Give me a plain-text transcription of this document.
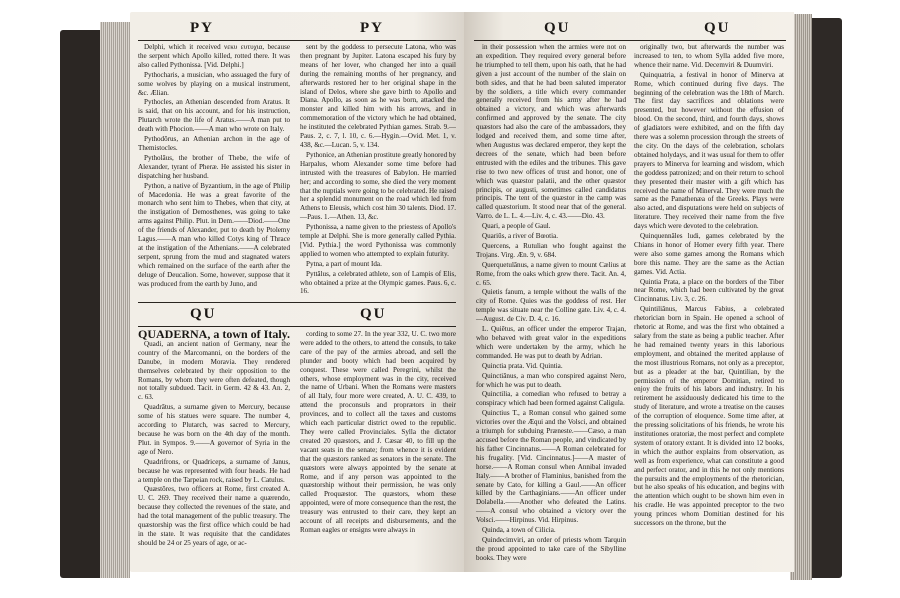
PY	PY

Delphi, which it received νεκυ ευτυχια, because the serpent which Apollo killed, rotted there. It was also called Pythonissa. [Vid. Delphi.]

Pythocharis, a musician, who assuaged the fury of some wolves by playing on a musical instrument, &c. Ælian.

Pythocles, an Athenian descended from Aratus. It is said, that on his account, and for his instruction, Plutarch wrote the life of Aratus.——A man put to death with Phocion.——A man who wrote on Italy.

Pythodōrus, an Athenian archon in the age of Themistocles.

Pytholāus, the brother of Thebe, the wife of Alexander, tyrant of Pheræ. He assisted his sister in dispatching her husband.

Python, a native of Byzantium, in the age of Philip of Macedonia. He was a great favorite of the monarch who sent him to Thebes, when that city, at the instigation of Demosthenes, was going to take arms against Philip. Plut. in Dem.——Diod.——One of the friends of Alexander, put to death by Ptolemy Lagus.——A man who killed Cotys king of Thrace at the instigation of the Athenians.——A celebrated serpent, sprung from the mud and stagnated waters which remained on the surface of the earth after the deluge of Deucalion. Some, however, suppose that it was produced from the earth by Juno, and

sent by the goddess to persecute Latona, who was then pregnant by Jupiter. Latona escaped his fury by means of her lover, who changed her into a quail during the remaining months of her pregnancy, and afterwards restored her to her original shape in the island of Delos, where she gave birth to Apollo and Diana. Apollo, as soon as he was born, attacked the monster and killed him with his arrows, and in commemoration of the victory which he had obtained, he instituted the celebrated Pythian games. Strab. 9.—Paus. 2, c. 7, l. 10, c. 6.—Hygin.—Ovid. Met. 1, v. 438, &c.—Lucan. 5, v. 134.

Pythonice, an Athenian prostitute greatly honored by Harpalus, whom Alexander some time before had intrusted with the treasures of Babylon. He married her; and according to some, she died the very moment that the nuptials were going to be celebrated. He raised her a splendid monument on the road which led from Athens to Eleusis, which cost him 30 talents. Diod. 17.—Paus. 1.—Athen. 13, &c.

Pythonissa, a name given to the priestess of Apollo's temple at Delphi. She is more generally called Pythia. [Vid. Pythia.] the word Pythonissa was commonly applied to women who attempted to explain futurity.

Pytna, a part of mount Ida.

Pyttălus, a celebrated athlete, son of Lampis of Elis, who obtained a prize at the Olympic games. Paus. 6, c. 16.

QU	QU

QUADERNA, a town of Italy.

Quadi, an ancient nation of Germany, near the country of the Marcomanni, on the borders of the Danube, in modern Moravia. They rendered themselves celebrated by their opposition to the Romans, by whom they were often defeated, though not totally subdued. Tacit. in Germ. 42 & 43. An. 2, c. 63.

Quadrātus, a surname given to Mercury, because some of his statues were square. The number 4, according to Plutarch, was sacred to Mercury, because he was born on the 4th day of the month. Plut. in Sympos. 9.——A governor of Syria in the age of Nero.

Quadrifrons, or Quadriceps, a surname of Janus, because he was represented with four heads. He had a temple on the Tarpeian rock, raised by L. Catulus.

Quæstōres, two officers at Rome, first created A. U. C. 269. They received their name a quærendo, because they collected the revenues of the state, and had the total management of the public treasury. The quæstorship was the first office which could be had in the state. It was requisite that the candidates should be 24 or 25 years of age, or ac-

cording to some 27. In the year 332, U. C. two more were added to the others, to attend the consuls, to take care of the pay of the armies abroad, and sell the plunder and booty which had been acquired by conquest. These were called Peregrini, whilst the others, whose employment was in the city, received the name of Urbani. When the Romans were masters of all Italy, four more were created, A. U. C. 439, to attend the proconsuls and proprætors in their provinces, and to collect all the taxes and customs which each particular district owed to the republic. They were called Provinciales. Sylla the dictator created 20 quæstors, and J. Cæsar 40, to fill up the vacant seats in the senate; from whence it is evident that the quæstors ranked as senators in the senate. The quæstors were always appointed by the senate at Rome, and if any person was appointed to the quæstorship without their permission, he was only called Proquæstor. The quæstors, whom these appointed, were of more consequence than the rest, the treasury was entrusted to their care, they kept an account of all receipts and disbursements, and the Roman eagles or ensigns were always in

QU	QU

in their possession when the armies were not on an expedition. They required every general before he triumphed to tell them, upon his oath, that he had given a just account of the number of the slain on both sides, and that he had been saluted imperator by the soldiers, a title which every commander generally received from his army after he had obtained a victory, and which was afterwards confirmed and approved by the senate. The city quæstors had also the care of the ambassadors, they lodged and received them, and some time after, when Augustus was declared emperor, they kept the decrees of the senate, which had been before entrusted with the ediles and the tribunes. This gave rise to two new offices of trust and honor, one of which was quæstor palatii, and the other quæstor principis, or augusti, sometimes called candidatus principis. The tent of the quæstor in the camp was called quæstorium. It stood near that of the general. Varro. de L. L. 4.—Liv. 4, c. 43.——Dio. 43.

Quari, a people of Gaul.

Quariūs, a river of Bœotia.

Quercens, a Rutulian who fought against the Trojans. Virg. Æn. 9, v. 684.

Querquetulānus, a name given to mount Cælius at Rome, from the oaks which grew there. Tacit. An. 4, c. 65.

Quietis fanum, a temple without the walls of the city of Rome. Quies was the goddess of rest. Her temple was situate near the Colline gate. Liv. 4, c. 4.—August. de Civ. D. 4, c. 16.

L. Quiētus, an officer under the emperor Trajan, who behaved with great valor in the expeditions which were undertaken by the army, which he commanded. He was put to death by Adrian.

Quinctia prata. Vid. Quintia.

Quinctiānus, a man who conspired against Nero, for which he was put to death.

Quinctilia, a comedian who refused to betray a conspiracy which had been formed against Caligula.

Quinctius T., a Roman consul who gained some victories over the Æqui and the Volsci, and obtained a triumph for subduing Præneste.——Cæso, a man accused before the Roman people, and vindicated by his father Cincinnatus.——A Roman celebrated for his frugality. [Vid. Cincinnatus.]——A master of horse.——A Roman consul when Annibal invaded Italy.——A brother of Flaminius, banished from the senate by Cato, for killing a Gaul.——An officer killed by the Carthaginians.——An officer under Dolabella.——Another who defeated the Latins.——A consul who obtained a victory over the Volsci.——Hirpinus. Vid. Hirpinus.

Quinda, a town of Cilicia.

Quindecimviri, an order of priests whom Tarquin the proud appointed to take care of the Sibylline books. They were

originally two, but afterwards the number was increased to ten, to whom Sylla added five more, whence their name. Vid. Decemviri & Duumviri.

Quinquatria, a festival in honor of Minerva at Rome, which continued during five days. The beginning of the celebration was the 18th of March. The first day sacrifices and oblations were presented, but however without the effusion of blood. On the second, third, and fourth days, shows of gladiators were exhibited, and on the fifth day there was a solemn procession through the streets of the city. On the days of the celebration, scholars obtained holydays, and it was usual for them to offer prayers to Minerva for learning and wisdom, which the goddess patronized; and on their return to school they presented their master with a gift which has received the name of Minerval. They were much the same as the Panathenæa of the Greeks. Plays were also acted, and disputations were held on subjects of literature. They received their name from the five days which were devoted to the celebration.

Quinquennāles ludi, games celebrated by the Chians in honor of Homer every fifth year. There were also some games among the Romans which bore this name. They are the same as the Actian games. Vid. Actia.

Quintia Prata, a place on the borders of the Tiber near Rome, which had been cultivated by the great Cincinnatus. Liv. 3, c. 26.

Quintiliānus, Marcus Fabius, a celebrated rhetorician born in Spain. He opened a school of rhetoric at Rome, and was the first who obtained a salary from the state as being a public teacher. After he had remained twenty years in this laborious employment, and obtained the merited applause of the most illustrious Romans, not only as a preceptor, but as a pleader at the bar, Quintilian, by the permission of the emperor Domitian, retired to enjoy the fruits of his labors and industry. In his retirement he assiduously dedicated his time to the study of literature, and wrote a treatise on the causes of the corruption of eloquence. Some time after, at the pressing solicitations of his friends, he wrote his institutiones oratoriæ, the most perfect and complete system of oratory extant. It is divided into 12 books, in which the author explains from observation, as well as from experience, what can constitute a good and perfect orator, and in this he not only mentions the pursuits and the employments of the rhetorician, but he also speaks of his education, and begins with the attention which ought to be shown him even in his cradle. He was appointed preceptor to the two young princes whom Domitian destined for his successors on the throne, but the
